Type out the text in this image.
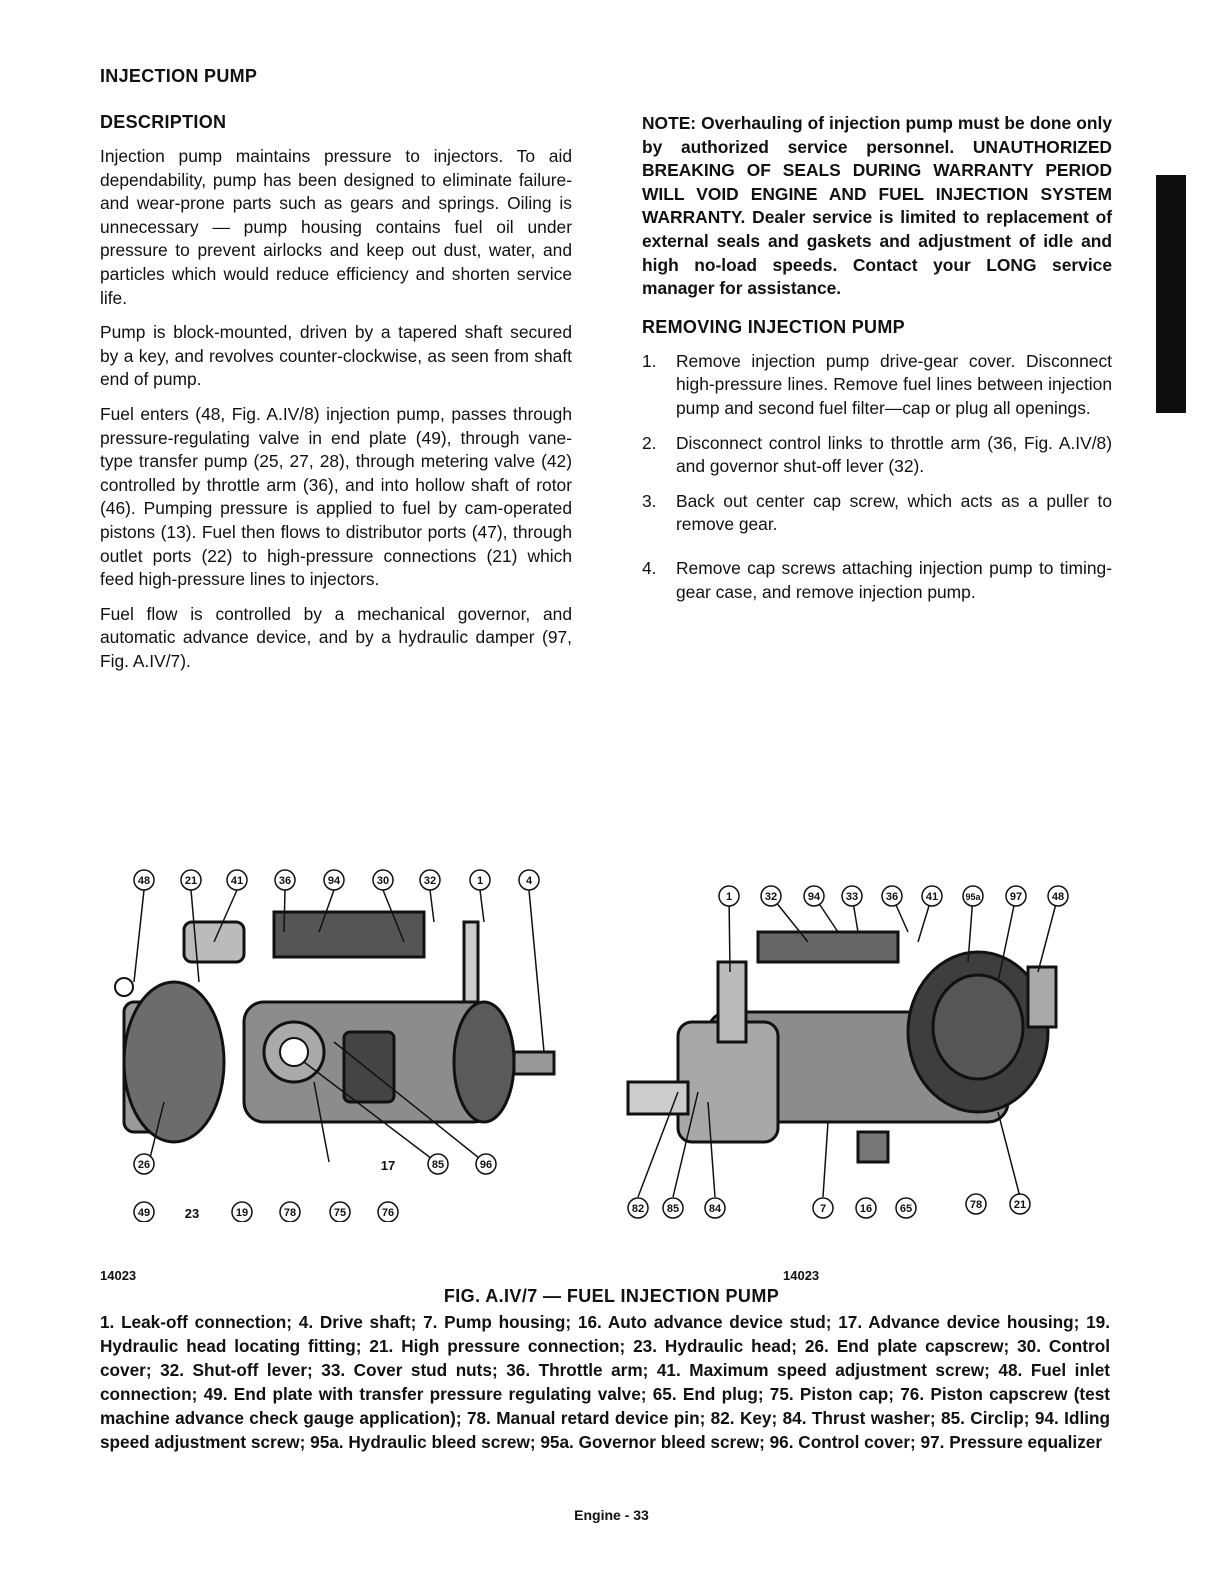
INJECTION PUMP
DESCRIPTION

Injection pump maintains pressure to injectors. To aid dependability, pump has been designed to eliminate failure- and wear-prone parts such as gears and springs. Oiling is unnecessary — pump housing contains fuel oil under pressure to prevent airlocks and keep out dust, water, and particles which would reduce efficiency and shorten service life.

Pump is block-mounted, driven by a tapered shaft secured by a key, and revolves counter-clockwise, as seen from shaft end of pump.

Fuel enters (48, Fig. A.IV/8) injection pump, passes through pressure-regulating valve in end plate (49), through vane-type transfer pump (25, 27, 28), through metering valve (42) controlled by throttle arm (36), and into hollow shaft of rotor (46). Pumping pressure is applied to fuel by cam-operated pistons (13). Fuel then flows to distributor ports (47), through outlet ports (22) to high-pressure connections (21) which feed high-pressure lines to injectors.

Fuel flow is controlled by a mechanical governor, and automatic advance device, and by a hydraulic damper (97, Fig. A.IV/7).

NOTE: Overhauling of injection pump must be done only by authorized service personnel. UNAUTHORIZED BREAKING OF SEALS DURING WARRANTY PERIOD WILL VOID ENGINE AND FUEL INJECTION SYSTEM WARRANTY. Dealer service is limited to replacement of external seals and gaskets and adjustment of idle and high no-load speeds. Contact your LONG service manager for assistance.

REMOVING INJECTION PUMP
1.	Remove injection pump drive-gear cover. Disconnect high-pressure lines. Remove fuel lines between injection pump and second fuel filter—cap or plug all openings.
2.	Disconnect control links to throttle arm (36, Fig. A.IV/8) and governor shut-off lever (32).
3.	Back out center cap screw, which acts as a puller to remove gear.
4.	Remove cap screws attaching injection pump to timing-gear case, and remove injection pump.
48	21	41	36	94	30	32	1	4
26
49	23	19	78	75	76
17	85	96
1	32	94 33	36	41	95a	97	48
82 85	84	7	16	65	78	21
14023	14023
FIG. A.IV/7 — FUEL INJECTION PUMP
1. Leak-off connection; 4. Drive shaft; 7. Pump housing; 16. Auto advance device stud; 17. Advance device housing; 19. Hydraulic head locating fitting; 21. High pressure connection; 23. Hydraulic head; 26. End plate capscrew; 30. Control cover; 32. Shut-off lever; 33. Cover stud nuts; 36. Throttle arm; 41. Maximum speed adjustment screw; 48. Fuel inlet connection; 49. End plate with transfer pressure regulating valve; 65. End plug; 75. Piston cap; 76. Piston capscrew (test machine advance check gauge application); 78. Manual retard device pin; 82. Key; 84. Thrust washer; 85. Circlip; 94. Idling speed adjustment screw; 95a. Hydraulic bleed screw; 95a. Governor bleed screw; 96. Control cover; 97. Pressure equalizer
Engine - 33
